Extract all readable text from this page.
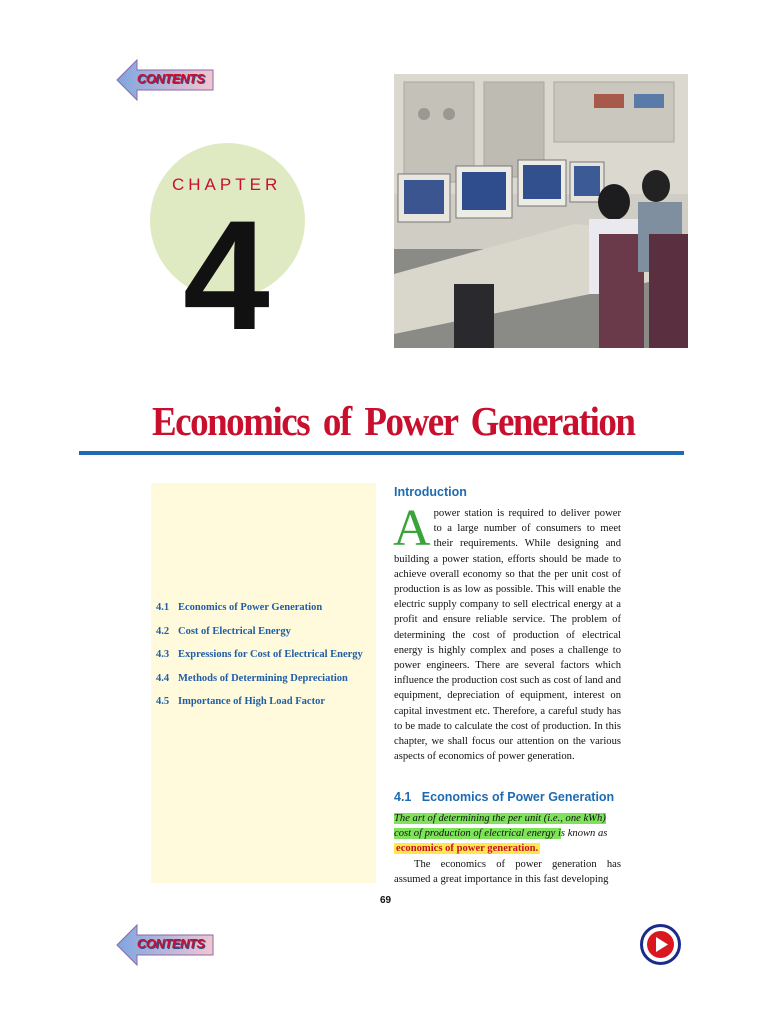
CONTENTS
CHAPTER
4
Economics of Power Generation
4.1 Economics of Power Generation
4.2 Cost of Electrical Energy
4.3 Expressions for Cost of Electrical Energy
4.4 Methods of Determining Depreciation
4.5 Importance of High Load Factor
Introduction
Apower station is required to deliver power to a large number of consumers to meet their requirements. While designing and building a power station, efforts should be made to achieve overall economy so that the per unit cost of production is as low as possible. This will enable the electric supply company to sell electrical energy at a profit and ensure reliable service. The problem of determining the cost of production of electrical energy is highly complex and poses a challenge to power engineers. There are several factors which influence the production cost such as cost of land and equipment, depreciation of equipment, interest on capital investment etc. Therefore, a careful study has to be made to calculate the cost of production. In this chapter, we shall focus our attention on the various aspects of economics of power generation.
4.1   Economics of Power Generation
The art of determining the per unit (i.e., one kWh) cost of production of electrical energy is known as economics of power generation.
The economics of power generation has assumed a great importance in this fast developing
69
CONTENTS
